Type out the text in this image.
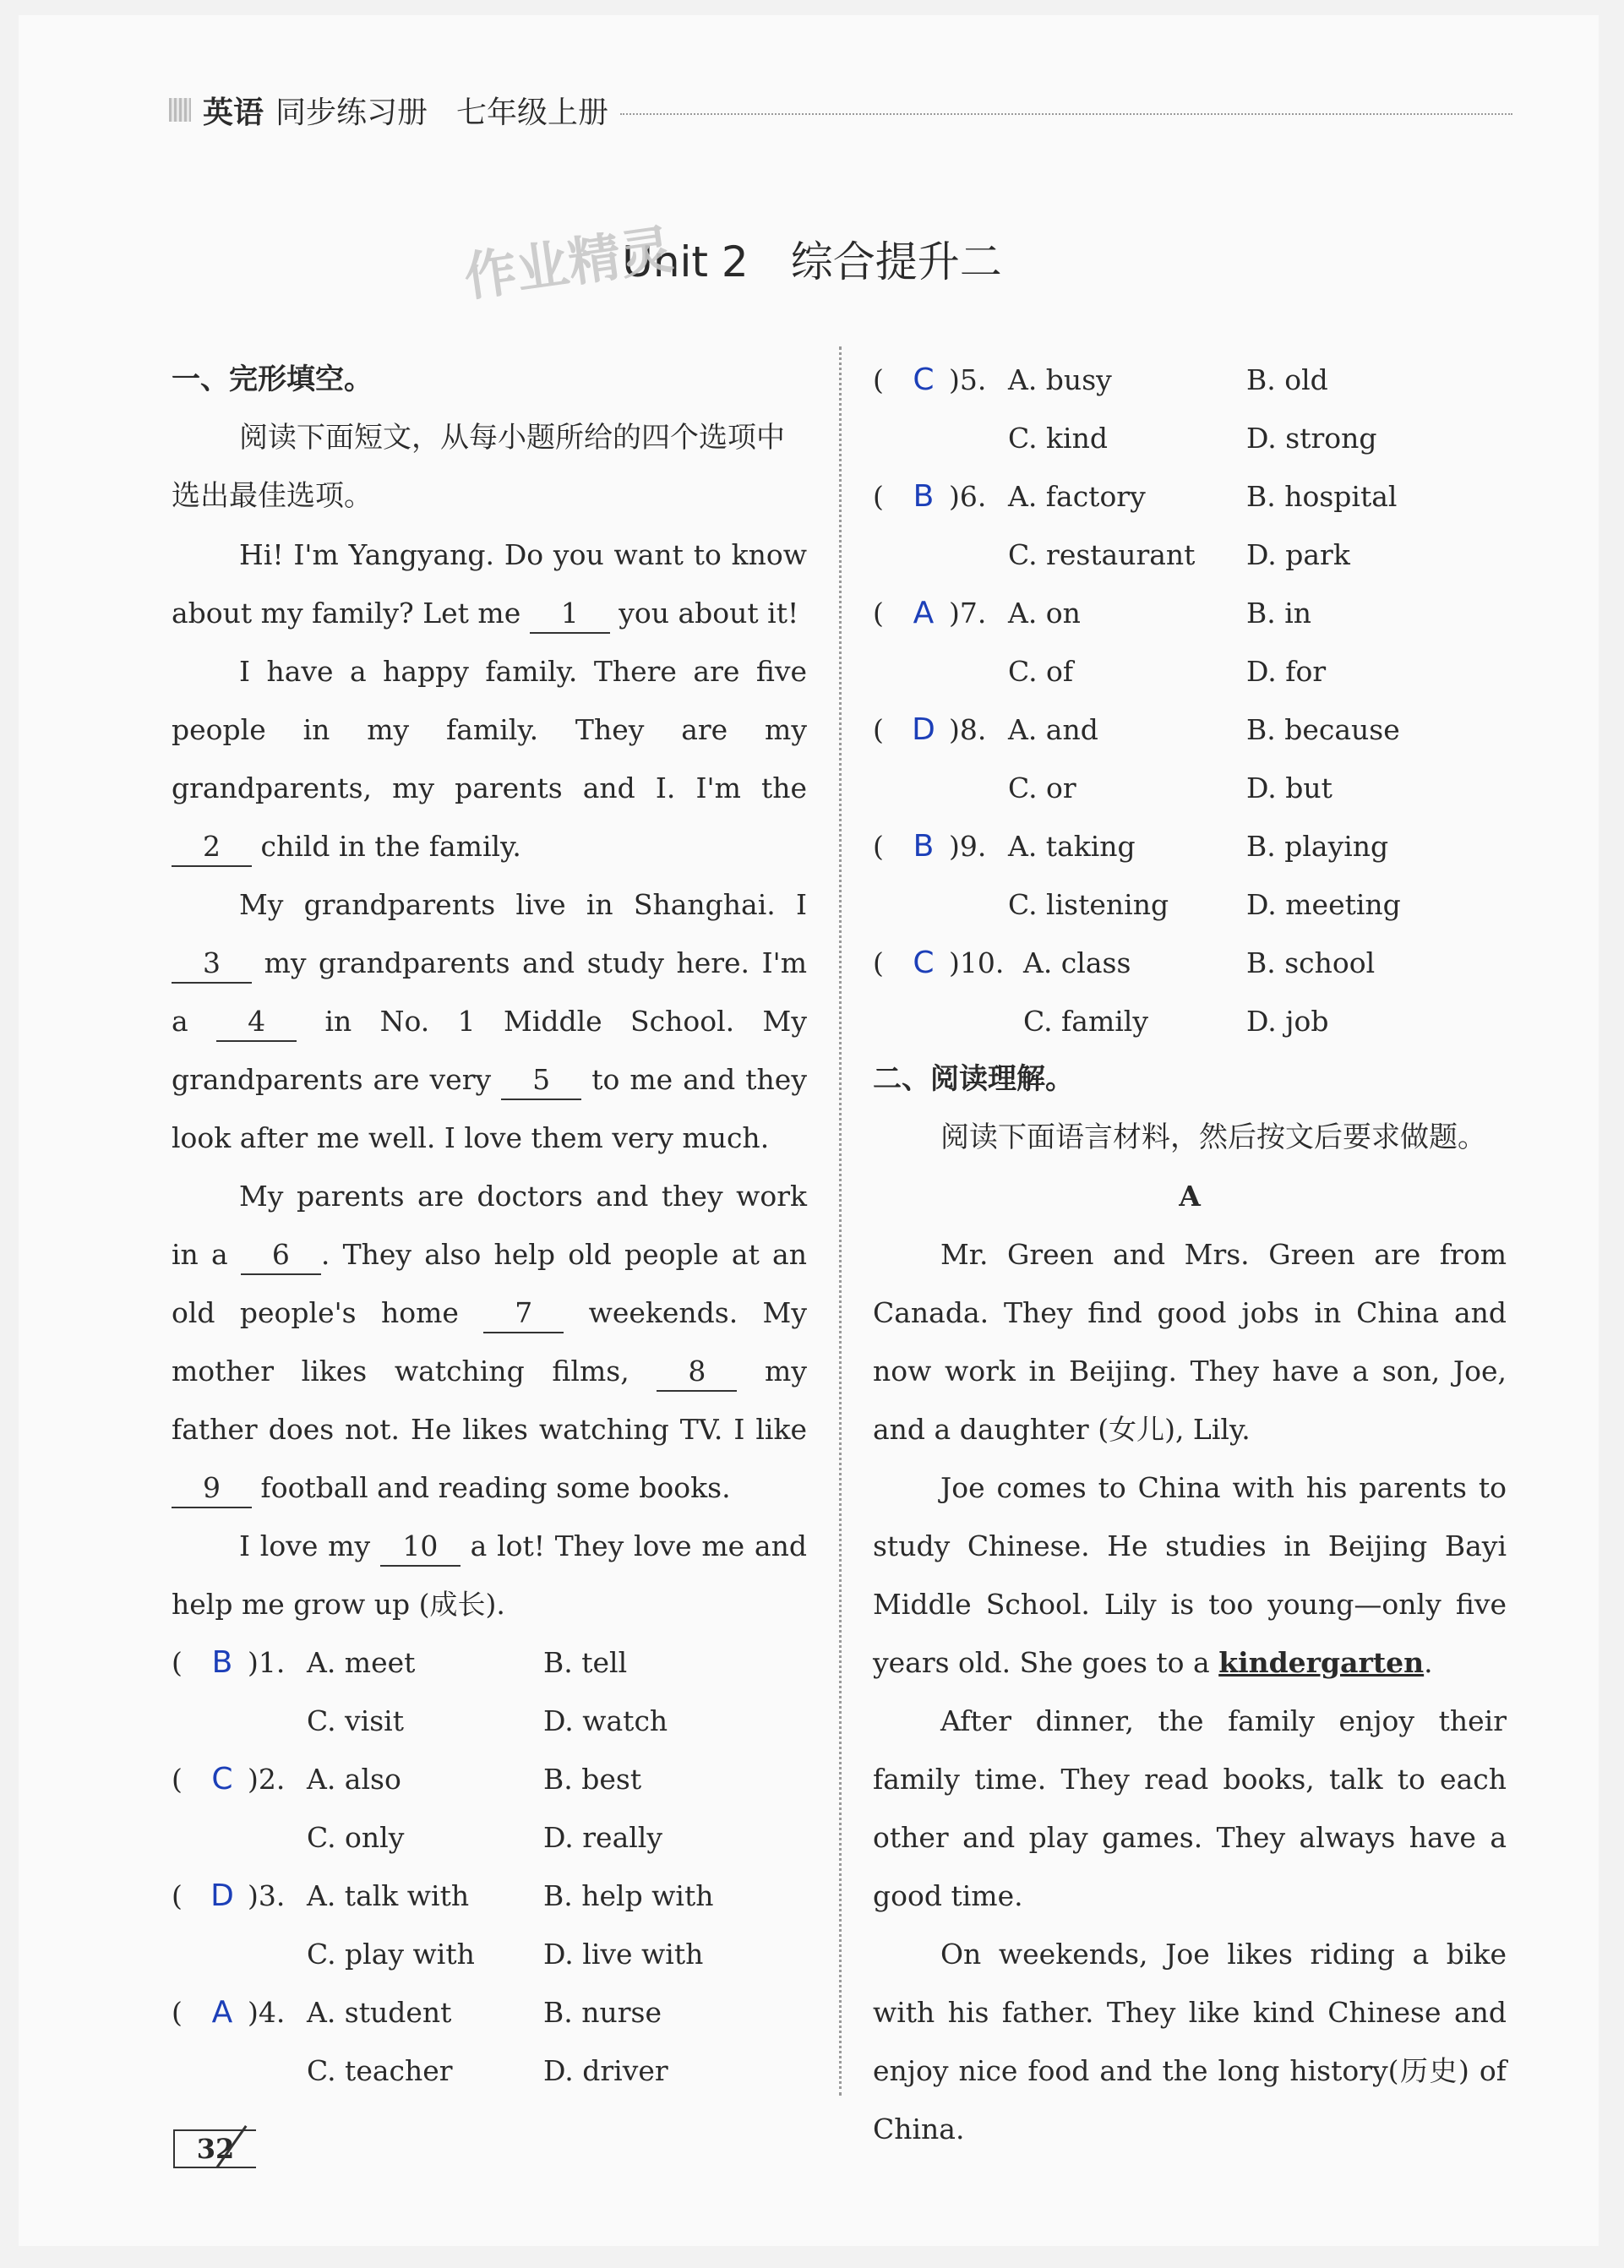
英语 同步练习册 七年级上册
Unit 2　综合提升二
作业精灵
一、完形填空。

阅读下面短文，从每小题所给的四个选项中选出最佳选项。

Hi! I'm Yangyang. Do you want to know about my family? Let me 1 you about it!

I have a happy family. There are five people in my family. They are my grandparents, my parents and I. I'm the 2 child in the family.

My grandparents live in Shanghai. I 3 my grandparents and study here. I'm a 4 in No. 1 Middle School. My grandparents are very 5 to me and they look after me well. I love them very much.

My parents are doctors and they work in a 6 . They also help old people at an old people's home 7 weekends. My mother likes watching films, 8 my father does not. He likes watching TV. I like 9 football and reading some books.

I love my 10 a lot! They love me and help me grow up (成长).

( B )1. A. meet	B. tell
C. visit	D. watch
( C )2. A. also	B. best
C. only	D. really
( D )3. A. talk with	B. help with
C. play with	D. live with
( A )4. A. student	B. nurse
C. teacher	D. driver
( C )5. A. busy	B. old
C. kind	D. strong
( B )6. A. factory	B. hospital
C. restaurant	D. park
( A )7. A. on	B. in
C. of	D. for
( D )8. A. and	B. because
C. or	D. but
( B )9. A. taking	B. playing
C. listening	D. meeting
( C )10. A. class	B. school
C. family	D. job
二、阅读理解。

阅读下面语言材料，然后按文后要求做题。

A

Mr. Green and Mrs. Green are from Canada. They find good jobs in China and now work in Beijing. They have a son, Joe, and a daughter (女儿), Lily.

Joe comes to China with his parents to study Chinese. He studies in Beijing Bayi Middle School. Lily is too young—only five years old. She goes to a kindergarten.

After dinner, the family enjoy their family time. They read books, talk to each other and play games. They always have a good time.

On weekends, Joe likes riding a bike with his father. They like kind Chinese and enjoy nice food and the long history(历史) of China.

32
